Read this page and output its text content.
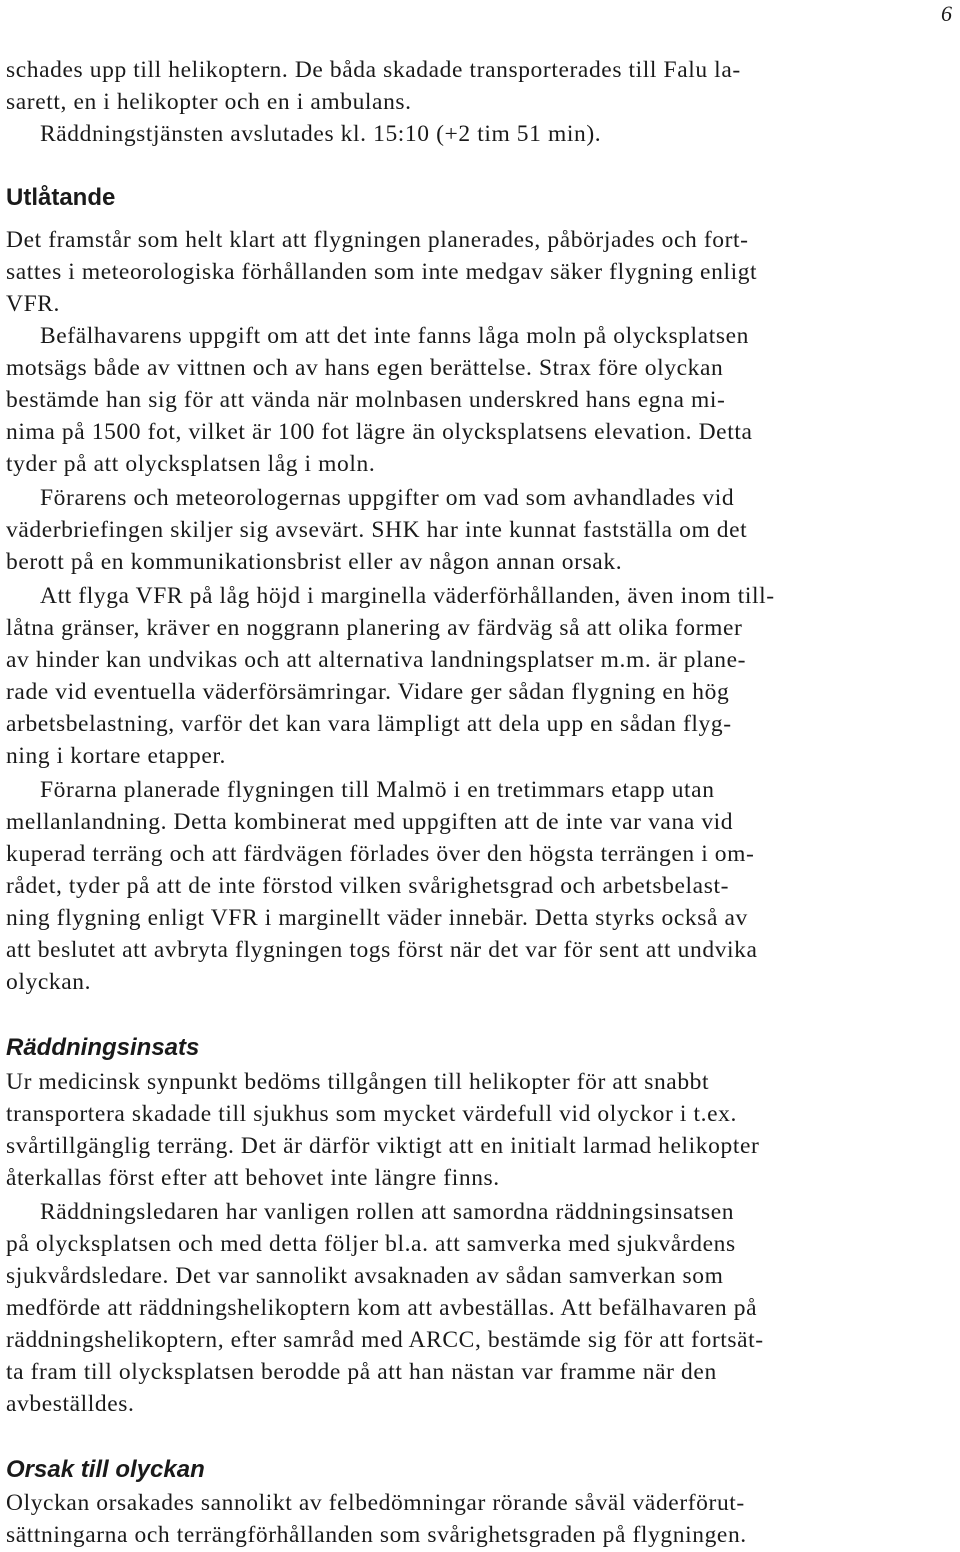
6
schades upp till helikoptern. De båda skadade transporterades till Falu la-
sarett, en i helikopter och en i ambulans.
Räddningstjänsten avslutades kl. 15:10 (+2 tim 51 min).
Utlåtande
Det framstår som helt klart att flygningen planerades, påbörjades och fort-
sattes i meteorologiska förhållanden som inte medgav säker flygning enligt
VFR.
Befälhavarens uppgift om att det inte fanns låga moln på olycksplatsen
motsägs både av vittnen och av hans egen berättelse. Strax före olyckan
bestämde han sig för att vända när molnbasen underskred hans egna mi-
nima på 1500 fot, vilket är 100 fot lägre än olycksplatsens elevation. Detta
tyder på att olycksplatsen låg i moln.
Förarens och meteorologernas uppgifter om vad som avhandlades vid
väderbriefingen skiljer sig avsevärt. SHK har inte kunnat fastställa om det
berott på en kommunikationsbrist eller av någon annan orsak.
Att flyga VFR på låg höjd i marginella väderförhållanden, även inom till-
låtna gränser, kräver en noggrann planering av färdväg så att olika former
av hinder kan undvikas och att alternativa landningsplatser m.m. är plane-
rade vid eventuella väderförsämringar. Vidare ger sådan flygning en hög
arbetsbelastning, varför det kan vara lämpligt att dela upp en sådan flyg-
ning i kortare etapper.
Förarna planerade flygningen till Malmö i en tretimmars etapp utan
mellanlandning. Detta kombinerat med uppgiften att de inte var vana vid
kuperad terräng och att färdvägen förlades över den högsta terrängen i om-
rådet, tyder på att de inte förstod vilken svårighetsgrad och arbetsbelast-
ning flygning enligt VFR i marginellt väder innebär. Detta styrks också av
att beslutet att avbryta flygningen togs först när det var för sent att undvika
olyckan.
Räddningsinsats
Ur medicinsk synpunkt bedöms tillgången till helikopter för att snabbt
transportera skadade till sjukhus som mycket värdefull vid olyckor i t.ex.
svårtillgänglig terräng. Det är därför viktigt att en initialt larmad helikopter
återkallas först efter att behovet inte längre finns.
Räddningsledaren har vanligen rollen att samordna räddningsinsatsen
på olycksplatsen och med detta följer bl.a. att samverka med sjukvårdens
sjukvårdsledare. Det var sannolikt avsaknaden av sådan samverkan som
medförde att räddningshelikoptern kom att avbeställas. Att befälhavaren på
räddningshelikoptern, efter samråd med ARCC, bestämde sig för att fortsät-
ta fram till olycksplatsen berodde på att han nästan var framme när den
avbeställdes.
Orsak till olyckan
Olyckan orsakades sannolikt av felbedömningar rörande såväl väderförut-
sättningarna och terrängförhållanden som svårighetsgraden på flygningen.
